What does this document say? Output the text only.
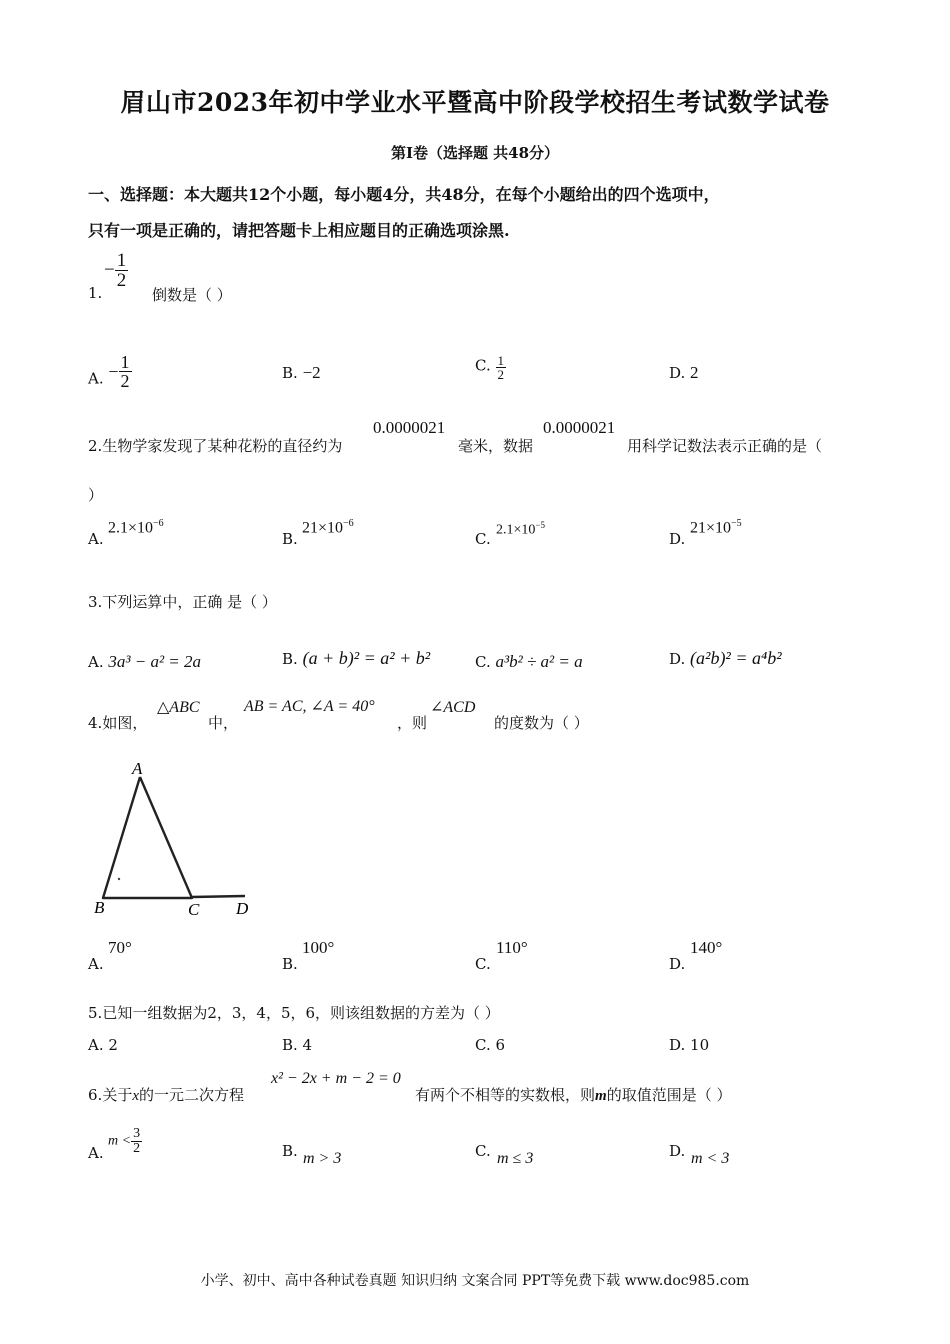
眉山市2023年初中学业水平暨高中阶段学校招生考试数学试卷
第I卷（选择题 共48分）
一、选择题：本大题共12个小题，每小题4分，共48分，在每个小题给出的四个选项中，
只有一项是正确的，请把答题卡上相应题目的正确选项涂黑.
1.
− $\frac{1}{2}$
倒数是（ ）
A. − $\frac{1}{2}$	B. −2	C. $\frac{1}{2}$	D. 2
2.生物学家发现了某种花粉的直径约为
0.0000021
毫米，数据
0.0000021
用科学记数法表示正确的是（
）
A.
$2.1\times 10^{-6}$
B.
$21\times 10^{-6}$
C. $2.1\times 10^{-5}$
D.
$21\times 10^{-5}$
3.下列运算中，正确 是（ ）
A. 3a³ − a² = 2a	B. (a + b)² = a² + b²	C. a³b² ÷ a² = a	D. (a²b)² = a⁴b²
4.如图，
△ABC
中，
AB = AC, ∠A = 40°
，则
∠ACD
的度数为（ ）
A
B	C D
A.
70°
B.
100°
C.
110°
D.
140°
5.已知一组数据为2，3，4，5，6，则该组数据的方差为（ ）
A. 2	B. 4	C. 6	D. 10
6.关于x的一元二次方程
x² − 2x + m − 2 = 0
有两个不相等的实数根，则m的取值范围是（ ）
A.
$m < \frac{3}{2}$	B. m > 3	C. m ≤ 3	D. m < 3
小学、初中、高中各种试卷真题 知识归纳 文案合同 PPT等免费下载 www.doc985.com
